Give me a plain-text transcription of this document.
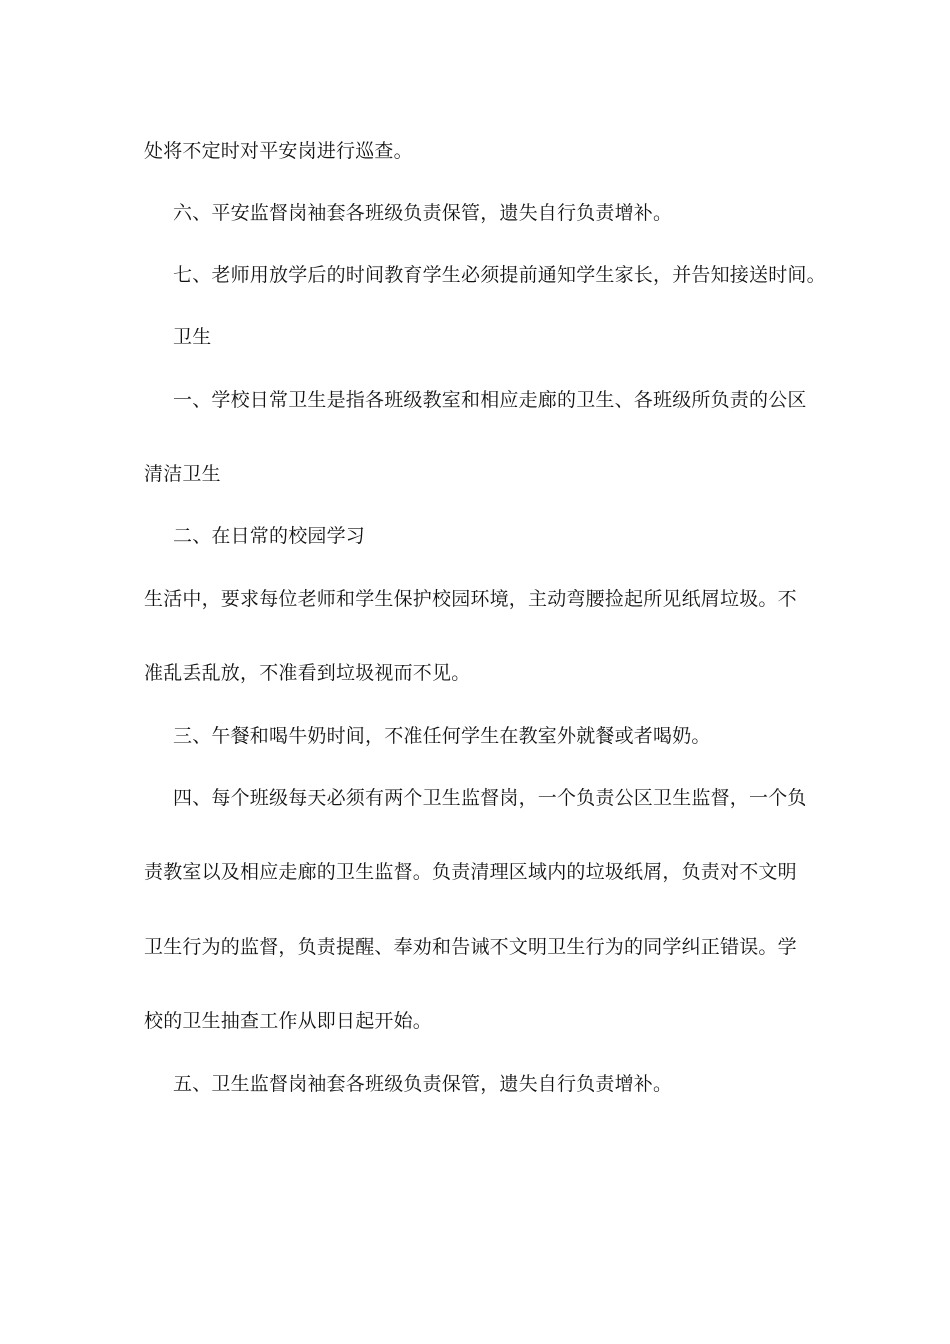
处将不定时对平安岗进行巡查。
六、平安监督岗袖套各班级负责保管，遗失自行负责增补。
七、老师用放学后的时间教育学生必须提前通知学生家长，并告知接送时间。
卫生
一、学校日常卫生是指各班级教室和相应走廊的卫生、各班级所负责的公区
清洁卫生
二、在日常的校园学习
生活中，要求每位老师和学生保护校园环境，主动弯腰捡起所见纸屑垃圾。不
准乱丢乱放，不准看到垃圾视而不见。
三、午餐和喝牛奶时间，不准任何学生在教室外就餐或者喝奶。
四、每个班级每天必须有两个卫生监督岗，一个负责公区卫生监督，一个负
责教室以及相应走廊的卫生监督。负责清理区域内的垃圾纸屑，负责对不文明
卫生行为的监督，负责提醒、奉劝和告诫不文明卫生行为的同学纠正错误。学
校的卫生抽查工作从即日起开始。
五、卫生监督岗袖套各班级负责保管，遗失自行负责增补。
